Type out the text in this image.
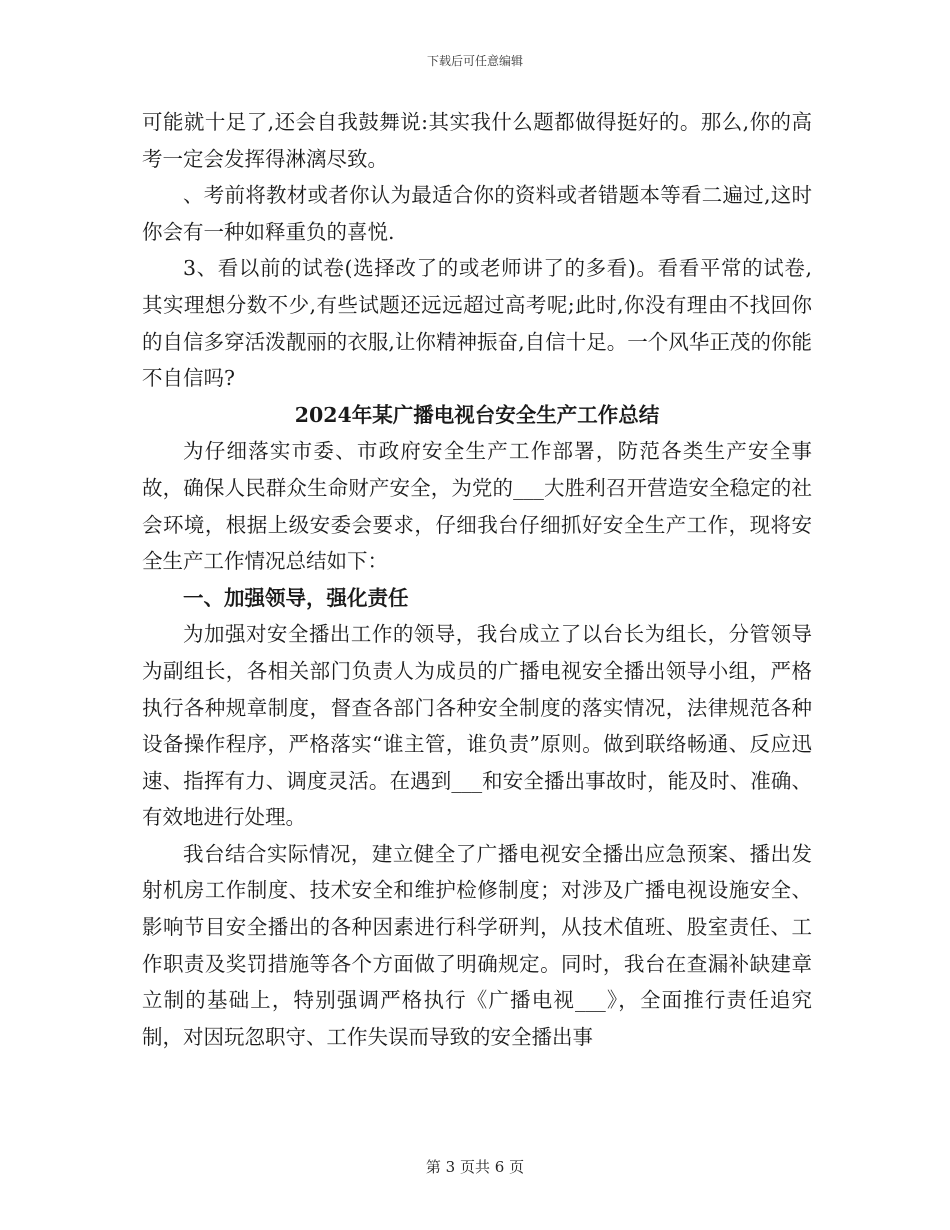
下载后可任意编辑

可能就十足了,还会自我鼓舞说:其实我什么题都做得挺好的。那么,你的高考一定会发挥得淋漓尽致。

、考前将教材或者你认为最适合你的资料或者错题本等看二遍过,这时你会有一种如释重负的喜悦.

3、看以前的试卷(选择改了的或老师讲了的多看)。看看平常的试卷,其实理想分数不少,有些试题还远远超过高考呢;此时,你没有理由不找回你的自信多穿活泼靓丽的衣服,让你精神振奋,自信十足。一个风华正茂的你能不自信吗?

2024年某广播电视台安全生产工作总结

为仔细落实市委、市政府安全生产工作部署，防范各类生产安全事故，确保人民群众生命财产安全，为党的___大胜利召开营造安全稳定的社会环境，根据上级安委会要求，仔细我台仔细抓好安全生产工作，现将安全生产工作情况总结如下：

一、加强领导，强化责任

为加强对安全播出工作的领导，我台成立了以台长为组长，分管领导为副组长，各相关部门负责人为成员的广播电视安全播出领导小组，严格执行各种规章制度，督查各部门各种安全制度的落实情况，法律规范各种设备操作程序，严格落实“谁主管，谁负责”原则。做到联络畅通、反应迅速、指挥有力、调度灵活。在遇到___和安全播出事故时，能及时、准确、有效地进行处理。

我台结合实际情况，建立健全了广播电视安全播出应急预案、播出发射机房工作制度、技术安全和维护检修制度；对涉及广播电视设施安全、影响节目安全播出的各种因素进行科学研判，从技术值班、股室责任、工作职责及奖罚措施等各个方面做了明确规定。同时，我台在查漏补缺建章立制的基础上，特别强调严格执行《广播电视___》，全面推行责任追究制，对因玩忽职守、工作失误而导致的安全播出事

第 3 页共 6 页
